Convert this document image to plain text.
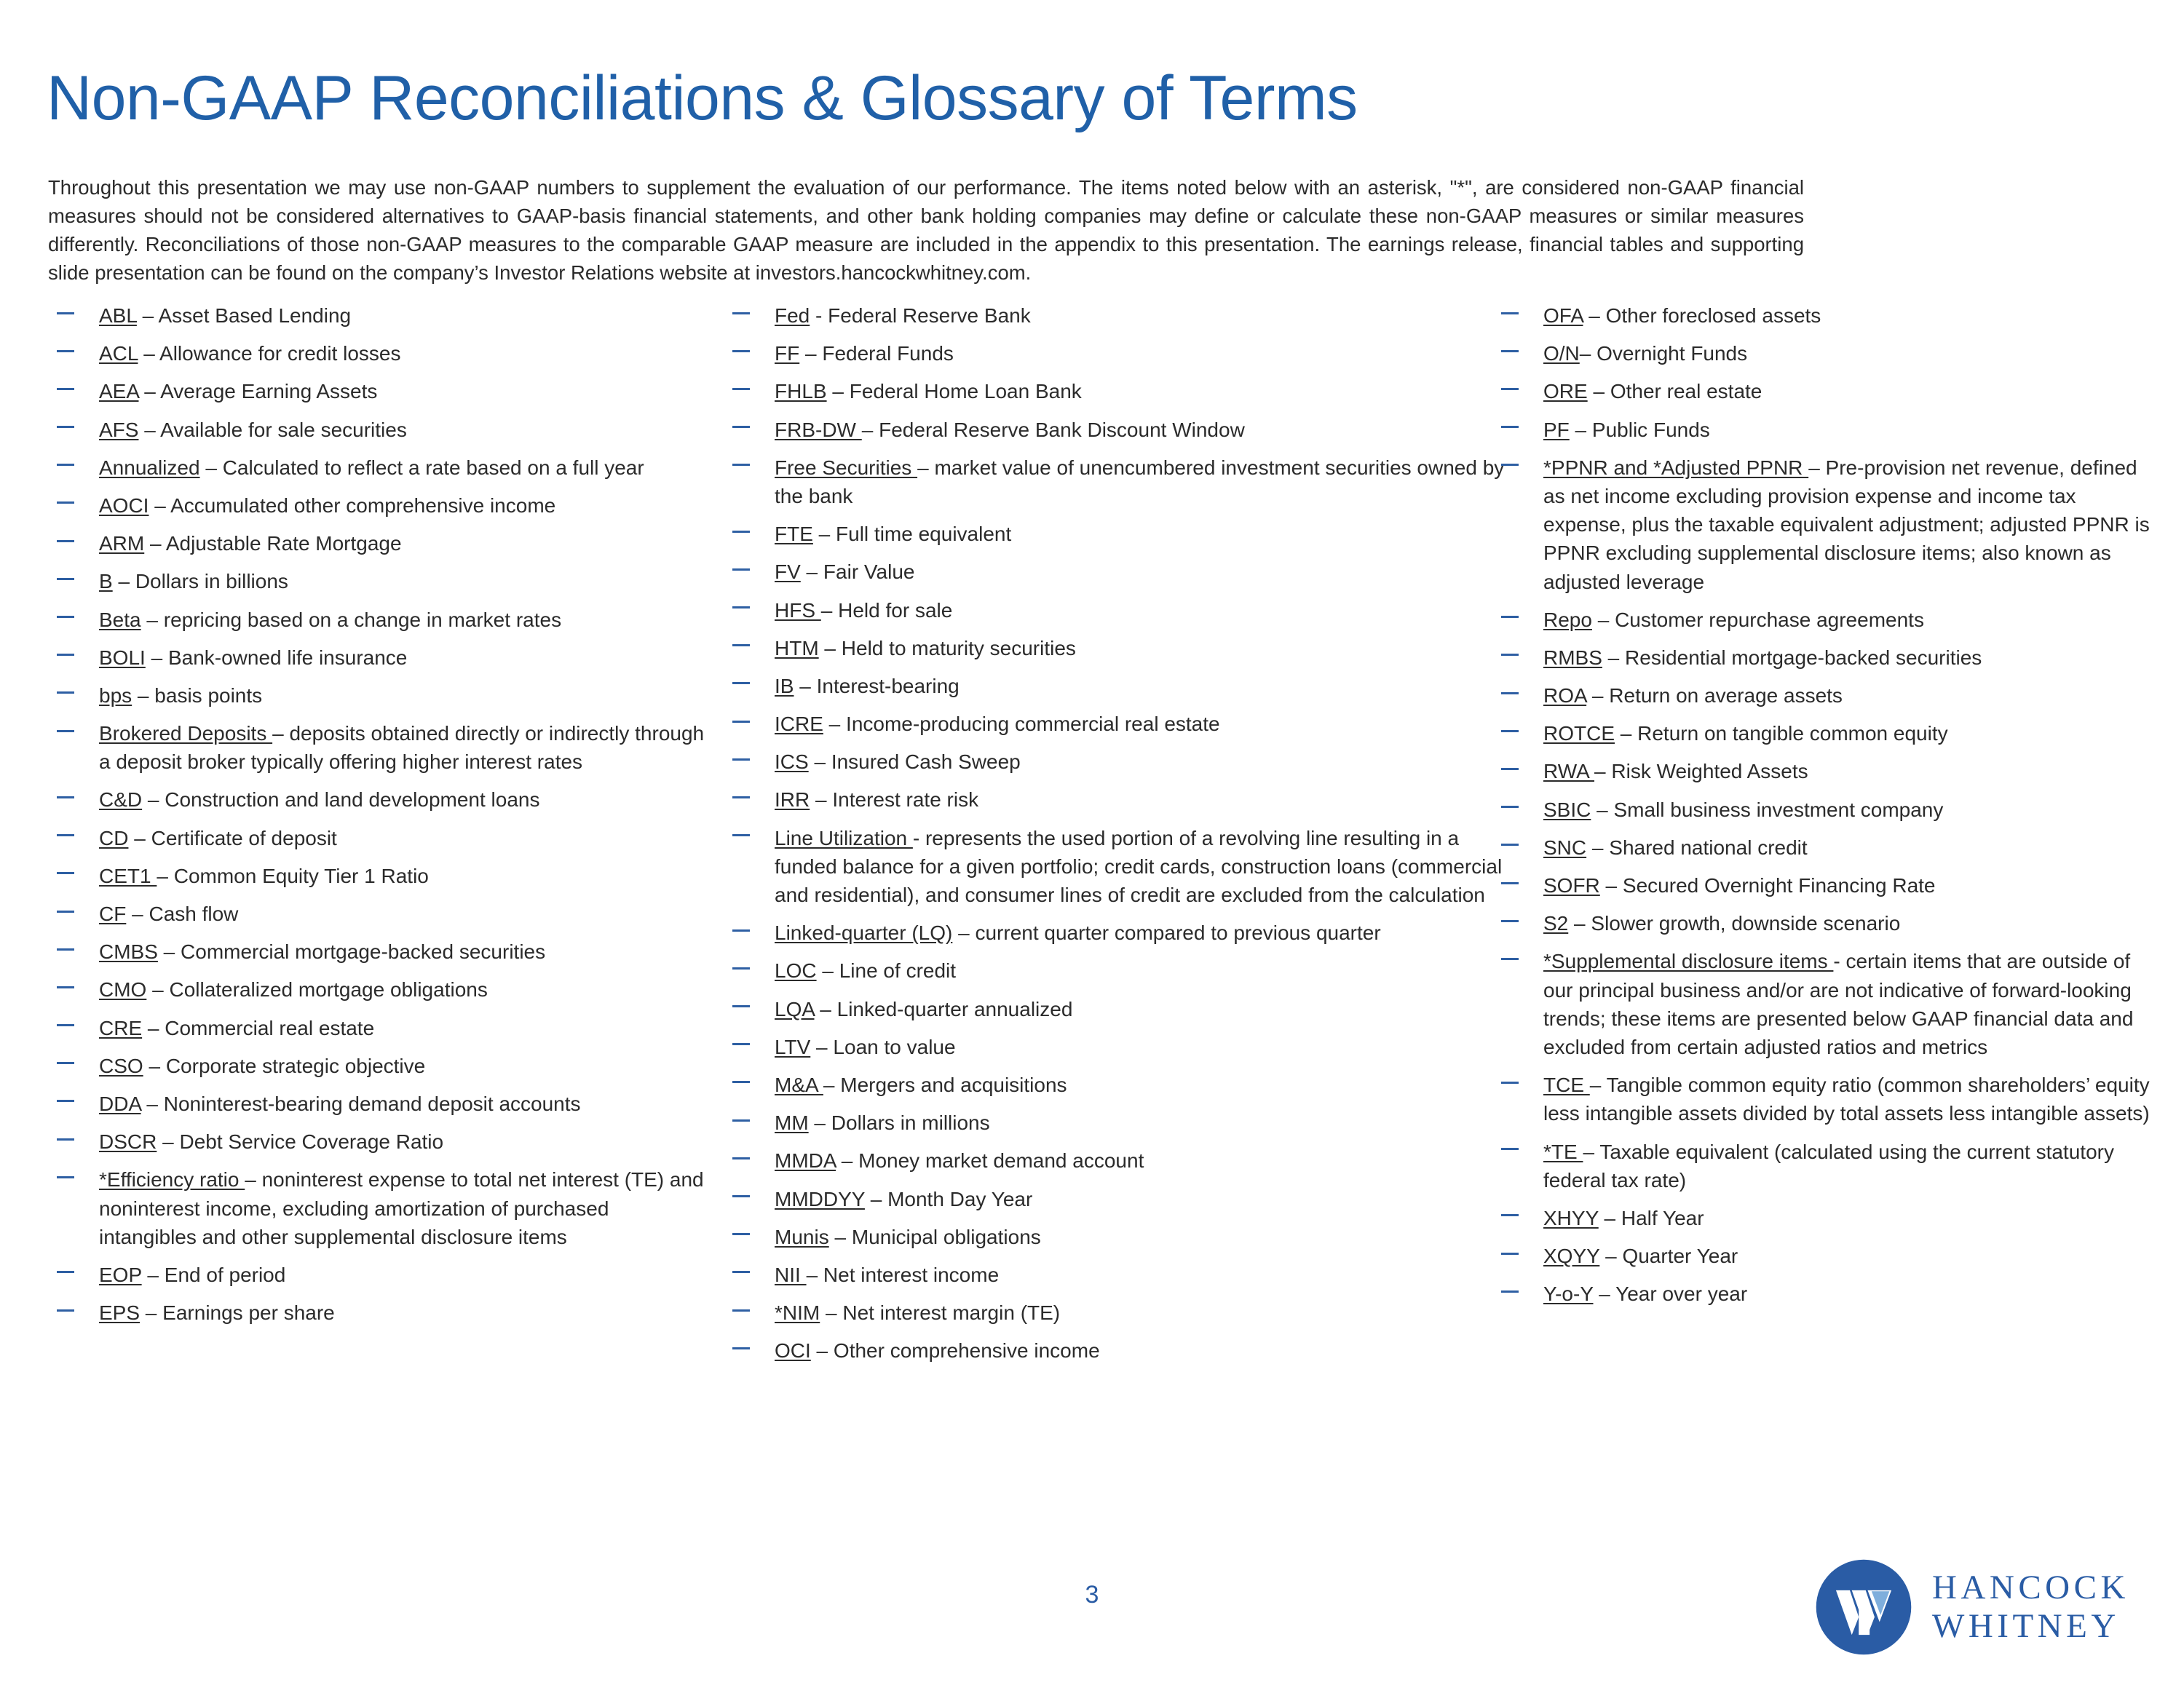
Non-GAAP Reconciliations & Glossary of Terms
Throughout this presentation we may use non-GAAP numbers to supplement the evaluation of our performance. The items noted below with an asterisk, "*", are considered non-GAAP financial measures should not be considered alternatives to GAAP-basis financial statements, and other bank holding companies may define or calculate these non-GAAP measures or similar measures differently. Reconciliations of those non-GAAP measures to the comparable GAAP measure are included in the appendix to this presentation. The earnings release, financial tables and supporting slide presentation can be found on the company’s Investor Relations website at investors.hancockwhitney.com.
ABL – Asset Based Lending
ACL – Allowance for credit losses
AEA – Average Earning Assets
AFS – Available for sale securities
Annualized – Calculated to reflect a rate based on a full year
AOCI – Accumulated other comprehensive income
ARM – Adjustable Rate Mortgage
B – Dollars in billions
Beta – repricing based on a change in market rates
BOLI – Bank-owned life insurance
bps – basis points
Brokered Deposits – deposits obtained directly or indirectly through a deposit broker typically offering higher interest rates
C&D – Construction and land development loans
CD – Certificate of deposit
CET1 – Common Equity Tier 1 Ratio
CF – Cash flow
CMBS – Commercial mortgage-backed securities
CMO – Collateralized mortgage obligations
CRE – Commercial real estate
CSO – Corporate strategic objective
DDA – Noninterest-bearing demand deposit accounts
DSCR – Debt Service Coverage Ratio
*Efficiency ratio – noninterest expense to total net interest (TE) and noninterest income, excluding amortization of purchased intangibles and other supplemental disclosure items
EOP – End of period
EPS – Earnings per share
Fed - Federal Reserve Bank
FF – Federal Funds
FHLB – Federal Home Loan Bank
FRB-DW – Federal Reserve Bank Discount Window
Free Securities – market value of unencumbered investment securities owned by the bank
FTE – Full time equivalent
FV – Fair Value
HFS – Held for sale
HTM – Held to maturity securities
IB – Interest-bearing
ICRE – Income-producing commercial real estate
ICS – Insured Cash Sweep
IRR – Interest rate risk
Line Utilization - represents the used portion of a revolving line resulting in a funded balance for a given portfolio; credit cards, construction loans (commercial and residential), and consumer lines of credit are excluded from the calculation
Linked-quarter (LQ) – current quarter compared to previous quarter
LOC – Line of credit
LQA – Linked-quarter annualized
LTV – Loan to value
M&A – Mergers and acquisitions
MM – Dollars in millions
MMDA – Money market demand account
MMDDYY – Month Day Year
Munis – Municipal obligations
NII – Net interest income
*NIM – Net interest margin (TE)
OCI – Other comprehensive income
OFA – Other foreclosed assets
O/N– Overnight Funds
ORE – Other real estate
PF – Public Funds
*PPNR and *Adjusted PPNR – Pre-provision net revenue, defined as net income excluding provision expense and income tax expense, plus the taxable equivalent adjustment; adjusted PPNR is PPNR excluding supplemental disclosure items; also known as adjusted leverage
Repo – Customer repurchase agreements
RMBS – Residential mortgage-backed securities
ROA – Return on average assets
ROTCE – Return on tangible common equity
RWA – Risk Weighted Assets
SBIC – Small business investment company
SNC – Shared national credit
SOFR – Secured Overnight Financing Rate
S2 – Slower growth, downside scenario
*Supplemental disclosure items - certain items that are outside of our principal business and/or are not indicative of forward-looking trends; these items are presented below GAAP financial data and excluded from certain adjusted ratios and metrics
TCE – Tangible common equity ratio (common shareholders’ equity less intangible assets divided by total assets less intangible assets)
*TE – Taxable equivalent (calculated using the current statutory federal tax rate)
XHYY – Half Year
XQYY – Quarter Year
Y-o-Y – Year over year
3	HANCOCK
WHITNEY
